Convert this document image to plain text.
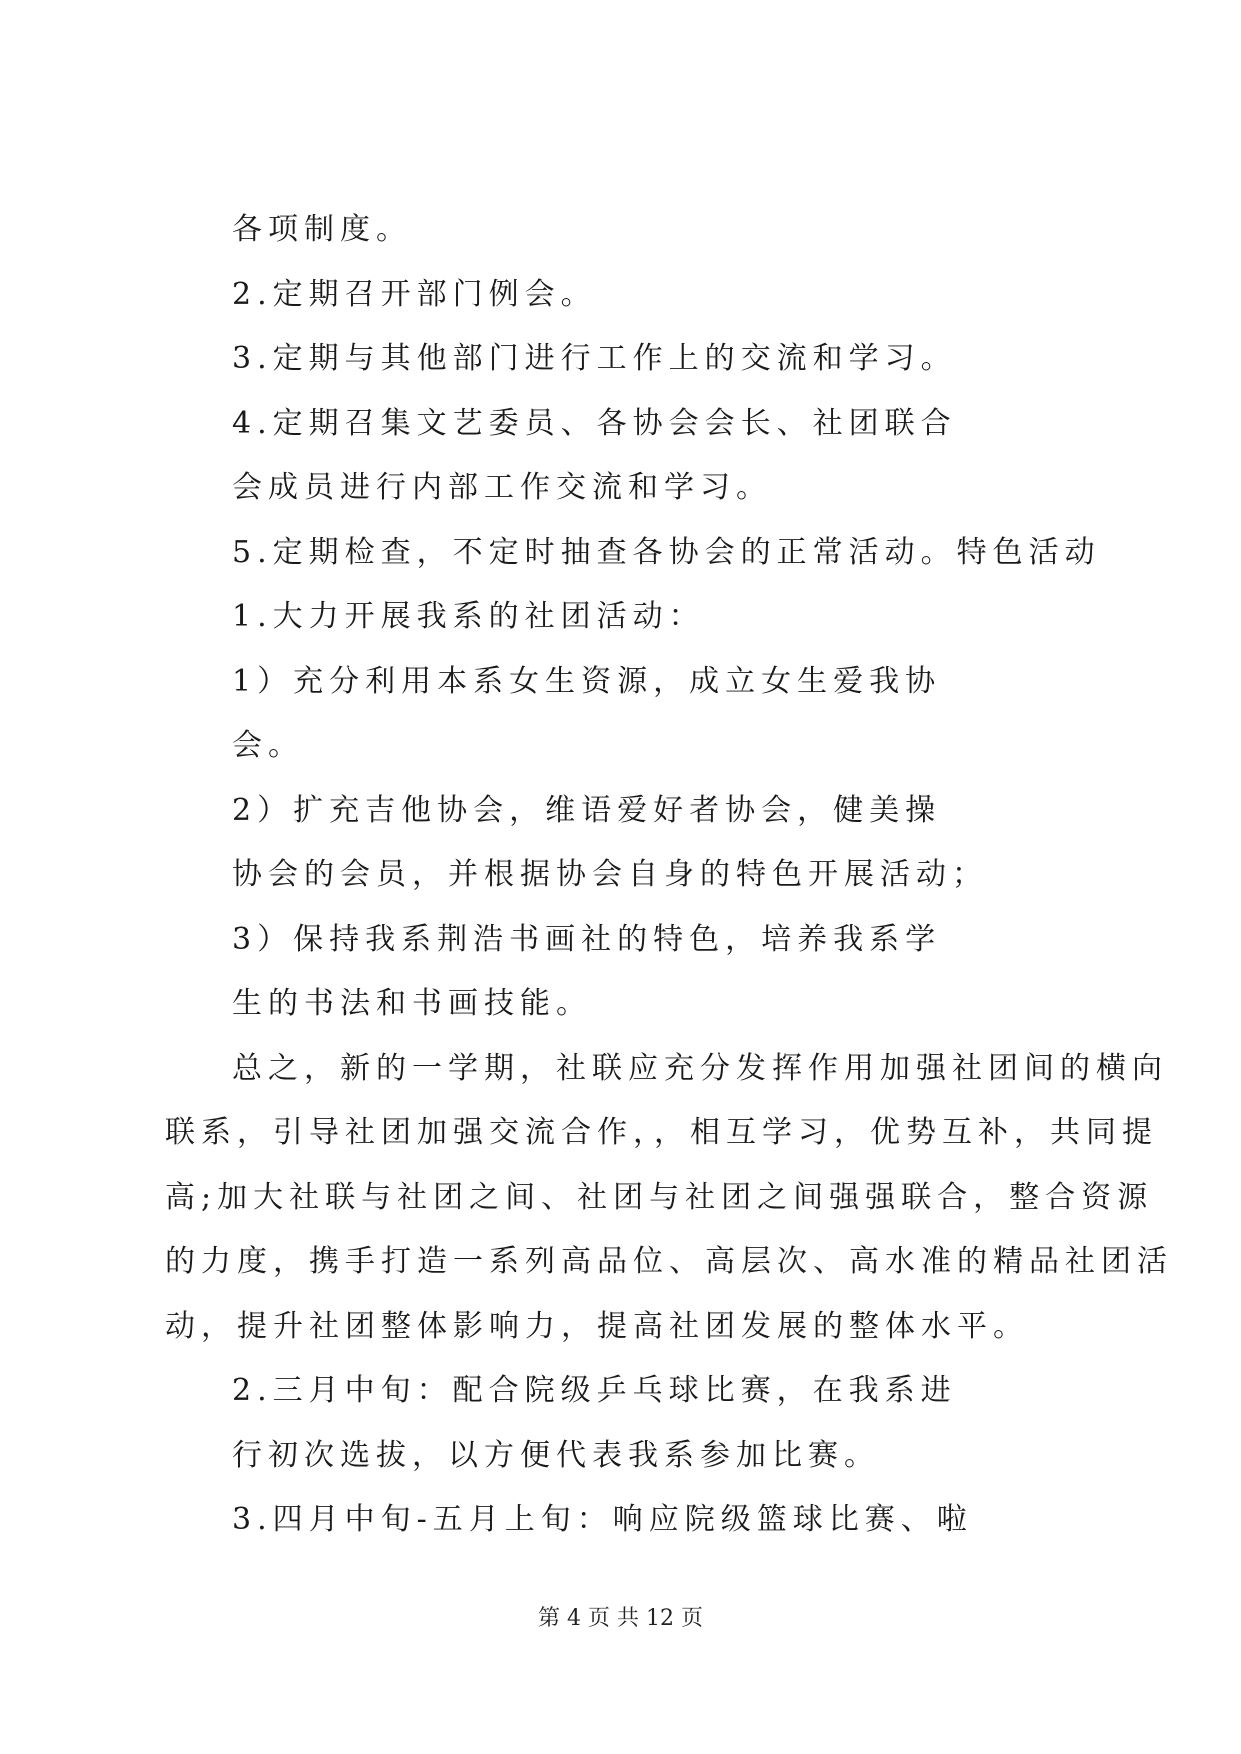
各项制度。
2.定期召开部门例会。
3.定期与其他部门进行工作上的交流和学习。
4.定期召集文艺委员、各协会会长、社团联合
会成员进行内部工作交流和学习。
5.定期检查，不定时抽查各协会的正常活动。特色活动
1.大力开展我系的社团活动：
1）充分利用本系女生资源，成立女生爱我协
会。
2）扩充吉他协会，维语爱好者协会，健美操
协会的会员，并根据协会自身的特色开展活动；
3）保持我系荆浩书画社的特色，培养我系学
生的书法和书画技能。
总之，新的一学期，社联应充分发挥作用加强社团间的横向
联系，引导社团加强交流合作，，相互学习，优势互补，共同提
高;加大社联与社团之间、社团与社团之间强强联合，整合资源
的力度，携手打造一系列高品位、高层次、高水准的精品社团活
动，提升社团整体影响力，提高社团发展的整体水平。
2.三月中旬：配合院级乒乓球比赛，在我系进
行初次选拔，以方便代表我系参加比赛。
3.四月中旬-五月上旬：响应院级篮球比赛、啦
第 4 页 共 12 页
